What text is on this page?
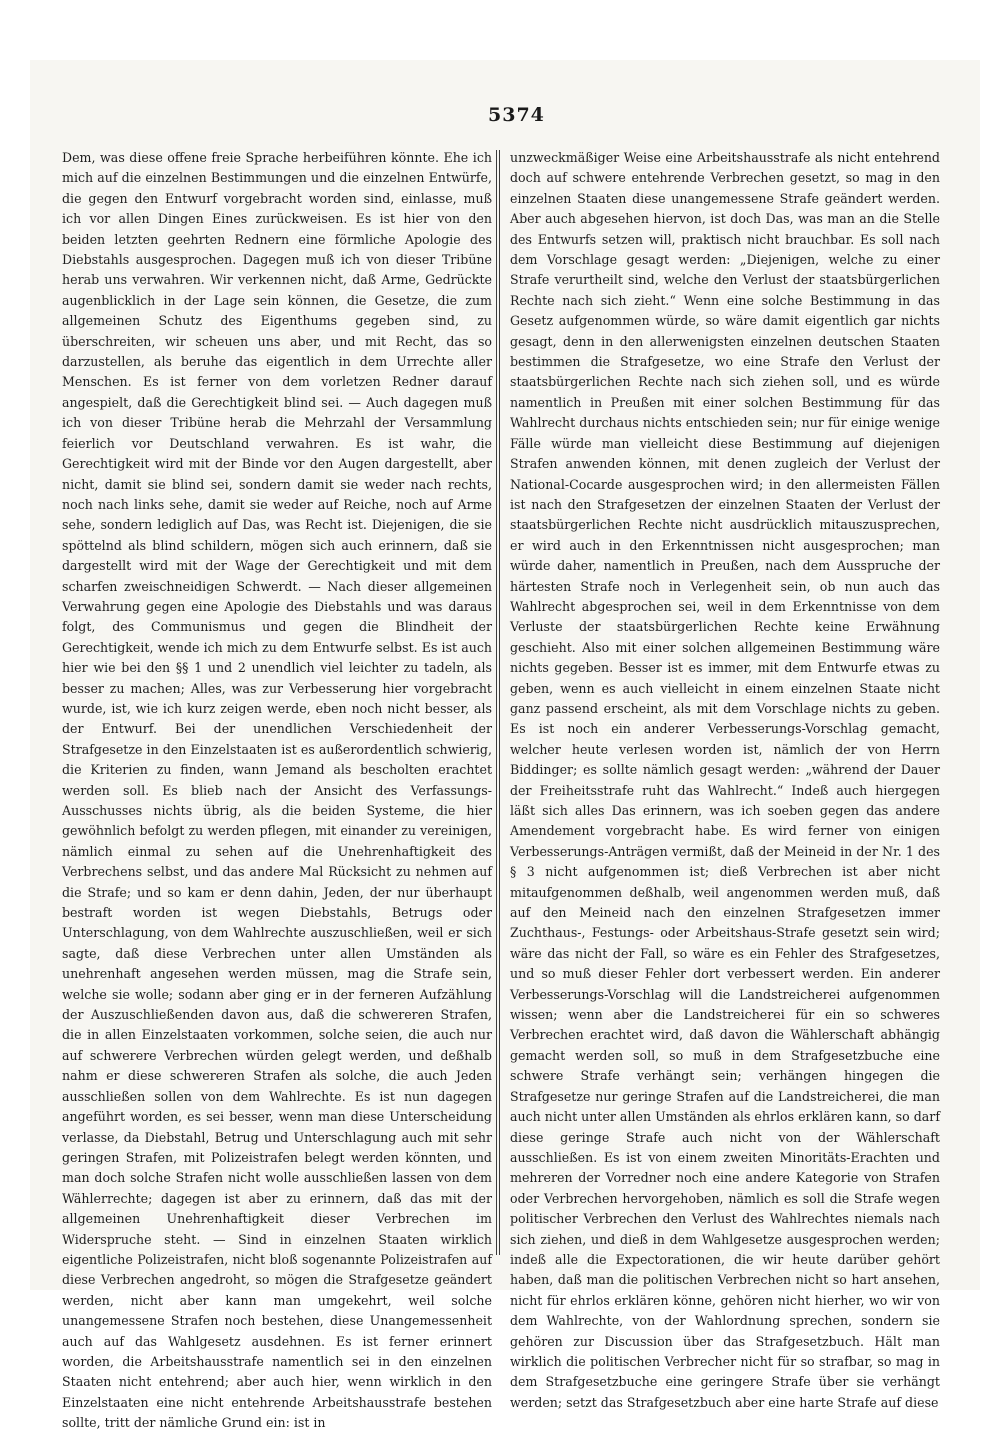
5374

Dem, was diese offene freie Sprache herbeiführen könnte. Ehe ich mich auf die einzelnen Bestimmungen und die einzelnen Entwürfe, die gegen den Entwurf vorgebracht worden sind, einlasse, muß ich vor allen Dingen Eines zurückweisen. Es ist hier von den beiden letzten geehrten Rednern eine förmliche Apologie des Diebstahls ausgesprochen. Dagegen muß ich von dieser Tribüne herab uns verwahren. Wir verkennen nicht, daß Arme, Gedrückte augenblicklich in der Lage sein können, die Gesetze, die zum allgemeinen Schutz des Eigenthums gegeben sind, zu überschreiten, wir scheuen uns aber, und mit Recht, das so darzustellen, als beruhe das eigentlich in dem Urrechte aller Menschen. Es ist ferner von dem vorletzen Redner darauf angespielt, daß die Gerechtigkeit blind sei. — Auch dagegen muß ich von dieser Tribüne herab die Mehrzahl der Versammlung feierlich vor Deutschland verwahren. Es ist wahr, die Gerechtigkeit wird mit der Binde vor den Augen dargestellt, aber nicht, damit sie blind sei, sondern damit sie weder nach rechts, noch nach links sehe, damit sie weder auf Reiche, noch auf Arme sehe, sondern lediglich auf Das, was Recht ist. Diejenigen, die sie spöttelnd als blind schildern, mögen sich auch erinnern, daß sie dargestellt wird mit der Wage der Gerechtigkeit und mit dem scharfen zweischneidigen Schwerdt. — Nach dieser allgemeinen Verwahrung gegen eine Apologie des Diebstahls und was daraus folgt, des Communismus und gegen die Blindheit der Gerechtigkeit, wende ich mich zu dem Entwurfe selbst. Es ist auch hier wie bei den §§ 1 und 2 unendlich viel leichter zu tadeln, als besser zu machen; Alles, was zur Verbesserung hier vorgebracht wurde, ist, wie ich kurz zeigen werde, eben noch nicht besser, als der Entwurf. Bei der unendlichen Verschiedenheit der Strafgesetze in den Einzelstaaten ist es außerordentlich schwierig, die Kriterien zu finden, wann Jemand als bescholten erachtet werden soll. Es blieb nach der Ansicht des Verfassungs-Ausschusses nichts übrig, als die beiden Systeme, die hier gewöhnlich befolgt zu werden pflegen, mit einander zu vereinigen, nämlich einmal zu sehen auf die Unehrenhaftigkeit des Verbrechens selbst, und das andere Mal Rücksicht zu nehmen auf die Strafe; und so kam er denn dahin, Jeden, der nur überhaupt bestraft worden ist wegen Diebstahls, Betrugs oder Unterschlagung, von dem Wahlrechte auszuschließen, weil er sich sagte, daß diese Verbrechen unter allen Umständen als unehrenhaft angesehen werden müssen, mag die Strafe sein, welche sie wolle; sodann aber ging er in der ferneren Aufzählung der Auszuschließenden davon aus, daß die schwereren Strafen, die in allen Einzelstaaten vorkommen, solche seien, die auch nur auf schwerere Verbrechen würden gelegt werden, und deßhalb nahm er diese schwereren Strafen als solche, die auch Jeden ausschließen sollen von dem Wahlrechte. Es ist nun dagegen angeführt worden, es sei besser, wenn man diese Unterscheidung verlasse, da Diebstahl, Betrug und Unterschlagung auch mit sehr geringen Strafen, mit Polizeistrafen belegt werden könnten, und man doch solche Strafen nicht wolle ausschließen lassen von dem Wählerrechte; dagegen ist aber zu erinnern, daß das mit der allgemeinen Unehrenhaftigkeit dieser Verbrechen im Widerspruche steht. — Sind in einzelnen Staaten wirklich eigentliche Polizeistrafen, nicht bloß sogenannte Polizeistrafen auf diese Verbrechen angedroht, so mögen die Strafgesetze geändert werden, nicht aber kann man umgekehrt, weil solche unangemessene Strafen noch bestehen, diese Unangemessenheit auch auf das Wahlgesetz ausdehnen. Es ist ferner erinnert worden, die Arbeitshausstrafe namentlich sei in den einzelnen Staaten nicht entehrend; aber auch hier, wenn wirklich in den Einzelstaaten eine nicht entehrende Arbeitshausstrafe bestehen sollte, tritt der nämliche Grund ein: ist in

unzweckmäßiger Weise eine Arbeitshausstrafe als nicht entehrend doch auf schwere entehrende Verbrechen gesetzt, so mag in den einzelnen Staaten diese unangemessene Strafe geändert werden. Aber auch abgesehen hiervon, ist doch Das, was man an die Stelle des Entwurfs setzen will, praktisch nicht brauchbar. Es soll nach dem Vorschlage gesagt werden: „Diejenigen, welche zu einer Strafe verurtheilt sind, welche den Verlust der staatsbürgerlichen Rechte nach sich zieht.“ Wenn eine solche Bestimmung in das Gesetz aufgenommen würde, so wäre damit eigentlich gar nichts gesagt, denn in den allerwenigsten einzelnen deutschen Staaten bestimmen die Strafgesetze, wo eine Strafe den Verlust der staatsbürgerlichen Rechte nach sich ziehen soll, und es würde namentlich in Preußen mit einer solchen Bestimmung für das Wahlrecht durchaus nichts entschieden sein; nur für einige wenige Fälle würde man vielleicht diese Bestimmung auf diejenigen Strafen anwenden können, mit denen zugleich der Verlust der National-Cocarde ausgesprochen wird; in den allermeisten Fällen ist nach den Strafgesetzen der einzelnen Staaten der Verlust der staatsbürgerlichen Rechte nicht ausdrücklich mitauszusprechen, er wird auch in den Erkenntnissen nicht ausgesprochen; man würde daher, namentlich in Preußen, nach dem Ausspruche der härtesten Strafe noch in Verlegenheit sein, ob nun auch das Wahlrecht abgesprochen sei, weil in dem Erkenntnisse von dem Verluste der staatsbürgerlichen Rechte keine Erwähnung geschieht. Also mit einer solchen allgemeinen Bestimmung wäre nichts gegeben. Besser ist es immer, mit dem Entwurfe etwas zu geben, wenn es auch vielleicht in einem einzelnen Staate nicht ganz passend erscheint, als mit dem Vorschlage nichts zu geben. Es ist noch ein anderer Verbesserungs-Vorschlag gemacht, welcher heute verlesen worden ist, nämlich der von Herrn Biddinger; es sollte nämlich gesagt werden: „während der Dauer der Freiheitsstrafe ruht das Wahlrecht.“ Indeß auch hiergegen läßt sich alles Das erinnern, was ich soeben gegen das andere Amendement vorgebracht habe. Es wird ferner von einigen Verbesserungs-Anträgen vermißt, daß der Meineid in der Nr. 1 des § 3 nicht aufgenommen ist; dieß Verbrechen ist aber nicht mitaufgenommen deßhalb, weil angenommen werden muß, daß auf den Meineid nach den einzelnen Strafgesetzen immer Zuchthaus-, Festungs- oder Arbeitshaus-Strafe gesetzt sein wird; wäre das nicht der Fall, so wäre es ein Fehler des Strafgesetzes, und so muß dieser Fehler dort verbessert werden. Ein anderer Verbesserungs-Vorschlag will die Landstreicherei aufgenommen wissen; wenn aber die Landstreicherei für ein so schweres Verbrechen erachtet wird, daß davon die Wählerschaft abhängig gemacht werden soll, so muß in dem Strafgesetzbuche eine schwere Strafe verhängt sein; verhängen hingegen die Strafgesetze nur geringe Strafen auf die Landstreicherei, die man auch nicht unter allen Umständen als ehrlos erklären kann, so darf diese geringe Strafe auch nicht von der Wählerschaft ausschließen. Es ist von einem zweiten Minoritäts-Erachten und mehreren der Vorredner noch eine andere Kategorie von Strafen oder Verbrechen hervorgehoben, nämlich es soll die Strafe wegen politischer Verbrechen den Verlust des Wahlrechtes niemals nach sich ziehen, und dieß in dem Wahlgesetze ausgesprochen werden; indeß alle die Expectorationen, die wir heute darüber gehört haben, daß man die politischen Verbrechen nicht so hart ansehen, nicht für ehrlos erklären könne, gehören nicht hierher, wo wir von dem Wahlrechte, von der Wahlordnung sprechen, sondern sie gehören zur Discussion über das Strafgesetzbuch. Hält man wirklich die politischen Verbrecher nicht für so strafbar, so mag in dem Strafgesetzbuche eine geringere Strafe über sie verhängt werden; setzt das Strafgesetzbuch aber eine harte Strafe auf diese
